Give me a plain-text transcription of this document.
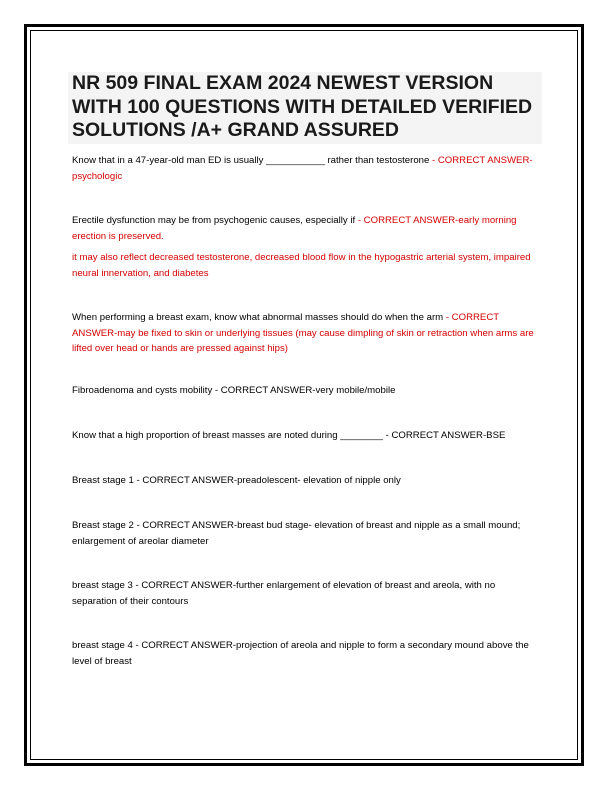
NR 509 FINAL EXAM 2024 NEWEST VERSION WITH 100 QUESTIONS WITH DETAILED VERIFIED SOLUTIONS /A+ GRAND ASSURED

Know that in a 47-year-old man ED is usually ___________ rather than testosterone - CORRECT ANSWER-psychologic

Erectile dysfunction may be from psychogenic causes, especially if - CORRECT ANSWER-early morning erection is preserved.

it may also reflect decreased testosterone, decreased blood flow in the hypogastric arterial system, impaired neural innervation, and diabetes

When performing a breast exam, know what abnormal masses should do when the arm - CORRECT ANSWER-may be fixed to skin or underlying tissues (may cause dimpling of skin or retraction when arms are lifted over head or hands are pressed against hips)

Fibroadenoma and cysts mobility - CORRECT ANSWER-very mobile/mobile

Know that a high proportion of breast masses are noted during ________ - CORRECT ANSWER-BSE

Breast stage 1 - CORRECT ANSWER-preadolescent- elevation of nipple only

Breast stage 2 - CORRECT ANSWER-breast bud stage- elevation of breast and nipple as a small mound; enlargement of areolar diameter

breast stage 3 - CORRECT ANSWER-further enlargement of elevation of breast and areola, with no separation of their contours

breast stage 4 - CORRECT ANSWER-projection of areola and nipple to form a secondary mound above the level of breast
